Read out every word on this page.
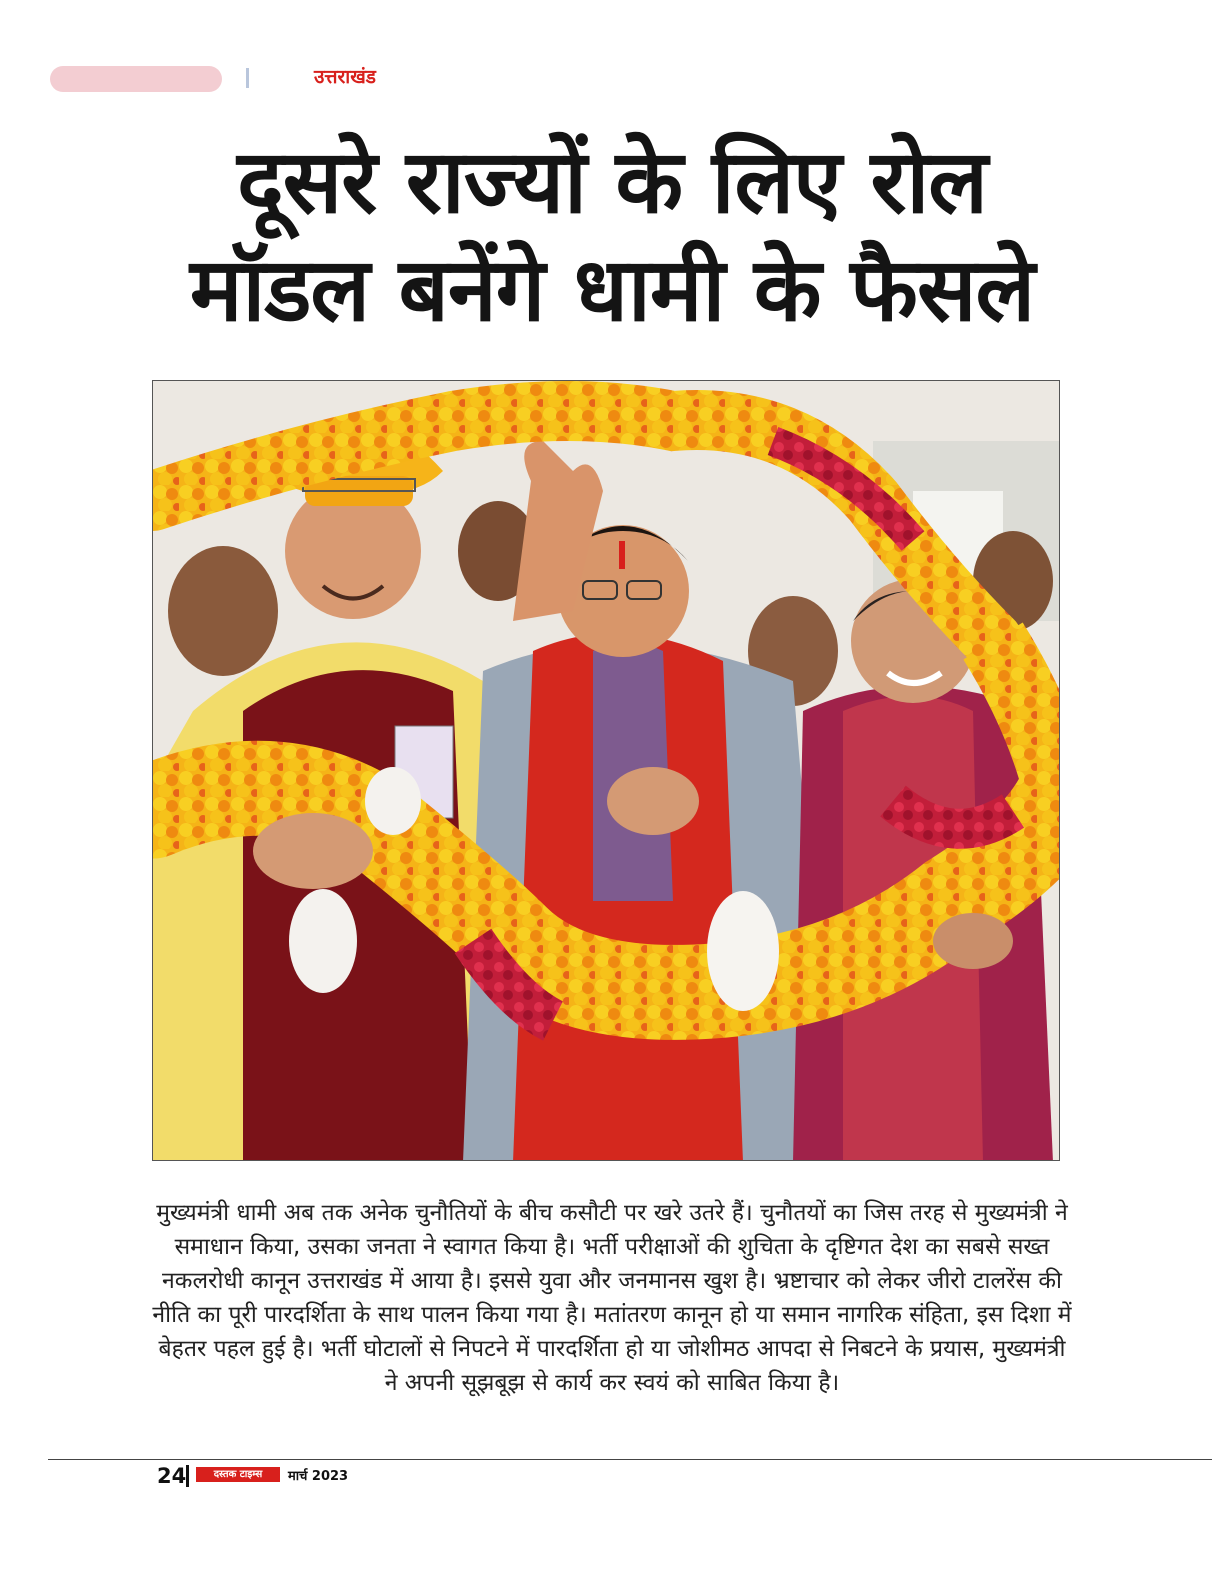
उत्तराखंड
दूसरे राज्यों के लिए रोल
मॉडल बनेंगे धामी के फैसले
मुख्यमंत्री धामी अब तक अनेक चुनौतियों के बीच कसौटी पर खरे उतरे हैं। चुनौतयों का जिस तरह से मुख्यमंत्री ने समाधान किया, उसका जनता ने स्वागत किया है। भर्ती परीक्षाओं की शुचिता के दृष्टिगत देश का सबसे सख्त नकलरोधी कानून उत्तराखंड में आया है। इससे युवा और जनमानस खुश है। भ्रष्टाचार को लेकर जीरो टालरेंस की नीति का पूरी पारदर्शिता के साथ पालन किया गया है। मतांतरण कानून हो या समान नागरिक संहिता, इस दिशा में बेहतर पहल हुई है। भर्ती घोटालों से निपटने में पारदर्शिता हो या जोशीमठ आपदा से निबटने के प्रयास, मुख्यमंत्री ने अपनी सूझबूझ से कार्य कर स्वयं को साबित किया है।
24	दस्तक टाइम्स	मार्च 2023
